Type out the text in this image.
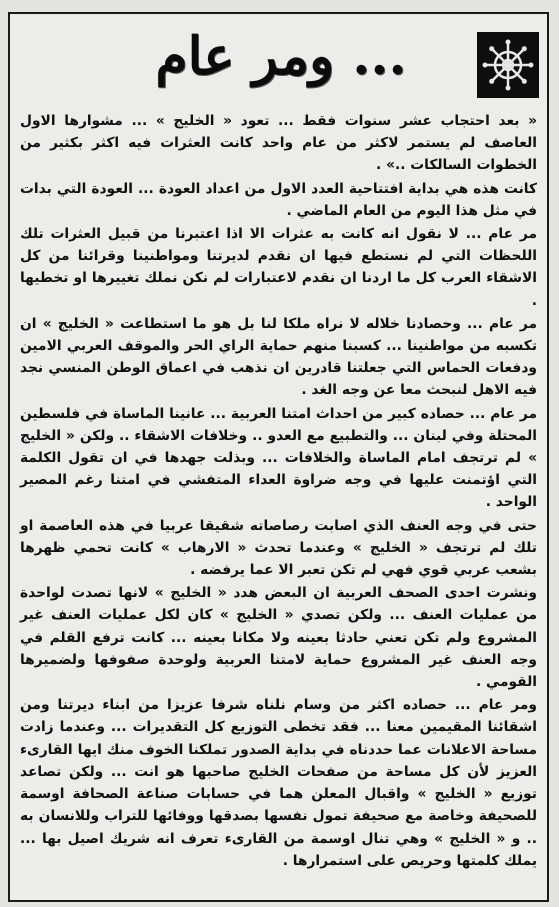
... ومر عام

« بعد احتجاب عشر سنوات فقط ... تعود « الخليج » ... مشوارها الاول العاصف لم يستمر لاكثر من عام واحد كانت العثرات فيه اكثر بكثير من الخطوات السالكات ..» .

كانت هذه هي بداية افتتاحية العدد الاول من اعداد العودة ... العودة التي بدات في مثل هذا اليوم من العام الماضي .

مر عام ... لا نقول انه كانت به عثرات الا اذا اعتبرنا من قبيل العثرات تلك اللحظات التي لم نستطع فيها ان نقدم لديرتنا ومواطنينا وقرائنا من كل الاشقاء العرب كل ما اردنا ان نقدم لاعتبارات لم نكن نملك تغييرها او تخطيها .

مر عام ... وحصادنا خلاله لا نراه ملكا لنا بل هو ما استطاعت « الخليج » ان تكسبه من مواطنينا ... كسبنا منهم حماية الراي الحر والموقف العربي الامين ودفعات الحماس التي جعلتنا قادرين ان نذهب في اعماق الوطن المنسي نجد فيه الاهل لنبحث معا عن وجه الغد .

مر عام ... حصاده كبير من احداث امتنا العربية ... عانينا الماساة في فلسطين المحتلة وفي لبنان ... والتطبيع مع العدو .. وخلافات الاشقاء .. ولكن « الخليج » لم ترتجف امام الماساة والخلافات ... وبذلت جهدها في ان تقول الكلمة التي اؤتمنت عليها في وجه ضراوة العداء المتفشي في امتنا رغم المصير الواحد .

حتى في وجه العنف الذي اصابت رصاصاته شقيقا عربيا في هذه العاصمة او تلك لم ترتجف « الخليج » وعندما تحدث « الارهاب » كانت تحمي ظهرها بشعب عربي قوي فهي لم تكن تعبر الا عما يرفضه .

ونشرت احدى الصحف العربية ان البعض هدد « الخليج » لانها تصدت لواحدة من عمليات العنف ... ولكن تصدي « الخليج » كان لكل عمليات العنف غير المشروع ولم تكن تعني حادثا بعينه ولا مكانا بعينه ... كانت ترفع القلم في وجه العنف غير المشروع حماية لامتنا العربية ولوحدة صفوفها ولضميرها القومي .

ومر عام ... حصاده اكثر من وسام نلناه شرفا عزيزا من ابناء ديرتنا ومن اشقائنا المقيمين معنا ... فقد تخطى التوزيع كل التقديرات ... وعندما زادت مساحة الاعلانات عما حددناه في بداية الصدور تملكنا الخوف منك ايها القارىء العزيز لأن كل مساحة من صفحات الخليج صاحبها هو انت ... ولكن تصاعد توزيع « الخليج » واقبال المعلن هما في حسابات صناعة الصحافة اوسمة للصحيفة وخاصة مع صحيفة تمول نفسها بصدقها ووفائها للتراب وللانسان به .. و « الخليج » وهي تنال اوسمة من القارىء تعرف انه شريك اصيل بها ... يملك كلمتها وحريص على استمرارها .
